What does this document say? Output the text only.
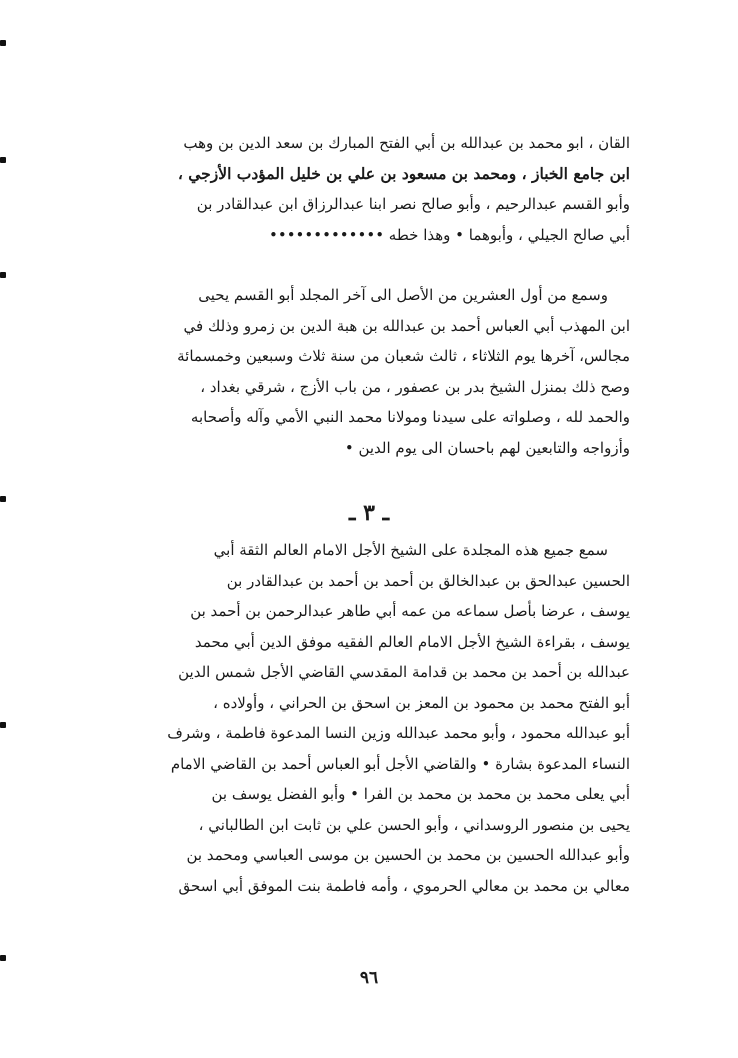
القان ، ابو محمد بن عبدالله بن أبي الفتح المبارك بن سعد الدين بن وهب
ابن جامع الخباز ، ومحمد بن مسعود بن علي بن خليل المؤدب الأزجي ،
وأبو القسم عبدالرحيم ، وأبو صالح نصر ابنا عبدالرزاق ابن عبدالقادر بن
أبي صالح الجيلي ، وأبوهما • وهذا خطه •••••••••••••
وسمع من أول العشرين من الأصل الى آخر المجلد أبو القسم يحيى
ابن المهذب أبي العباس أحمد بن عبدالله بن هبة الدين بن زمرو وذلك في
مجالس، آخرها يوم الثلاثاء ، ثالث شعبان من سنة ثلاث وسبعين وخمسمائة
وصح ذلك بمنزل الشيخ بدر بن عصفور ، من باب الأزج ، شرقي بغداد ،
والحمد لله ، وصلواته على سيدنا ومولانا محمد النبي الأمي وآله وأصحابه
وأزواجه والتابعين لهم باحسان الى يوم الدين •
ـ ٣ ـ
سمع جميع هذه المجلدة على الشيخ الأجل الامام العالم الثقة أبي
الحسين عبدالحق بن عبدالخالق بن أحمد بن أحمد بن عبدالقادر بن
يوسف ، عرضا بأصل سماعه من عمه أبي طاهر عبدالرحمن بن أحمد بن
يوسف ، بقراءة الشيخ الأجل الامام العالم الفقيه موفق الدين أبي محمد
عبدالله بن أحمد بن محمد بن قدامة المقدسي القاضي الأجل شمس الدين
أبو الفتح محمد بن محمود بن المعز بن اسحق بن الحراني ، وأولاده ،
أبو عبدالله محمود ، وأبو محمد عبدالله وزين النسا المدعوة فاطمة ، وشرف
النساء المدعوة بشارة • والقاضي الأجل أبو العباس أحمد بن القاضي الامام
أبي يعلى محمد بن محمد بن محمد بن الفرا • وأبو الفضل يوسف بن
يحيى بن منصور الروسداني ، وأبو الحسن علي بن ثابت ابن الطالباني ،
وأبو عبدالله الحسين بن محمد بن الحسين بن موسى العباسي ومحمد بن
معالي بن محمد بن معالي الحرموي ، وأمه فاطمة بنت الموفق أبي اسحق
٩٦
